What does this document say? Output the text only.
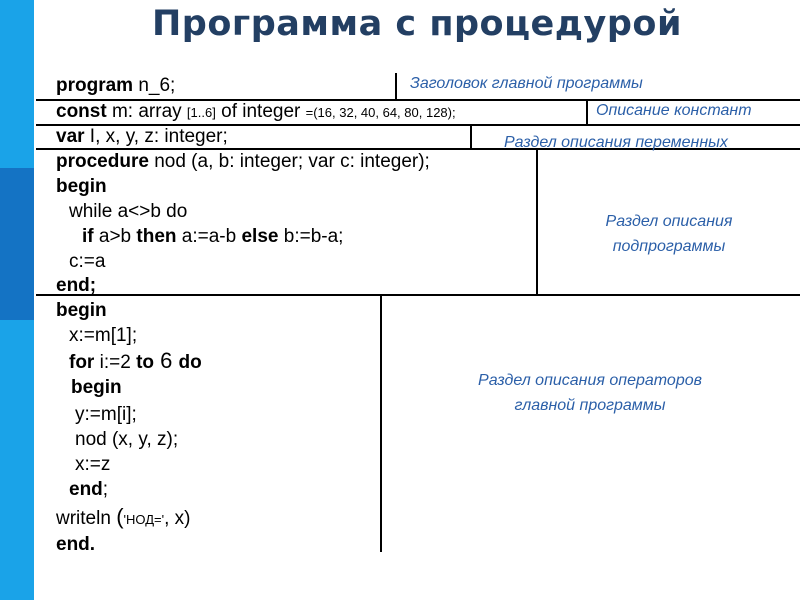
Программа с процедурой
program n_6;
const m: array [1..6] of integer =(16, 32, 40, 64, 80, 128);
var I, x, y, z: integer;
procedure nod (a, b: integer; var c: integer);
begin
while a<>b do
if a>b then a:=a-b else b:=b-a;
c:=a
end;
begin
x:=m[1];
for i:=2 to 6 do
begin
y:=m[i];
nod (x, y, z);
x:=z
end;
writeln ('НОД=', x)
end.
Заголовок главной программы
Описание констант
Раздел описания переменных
Раздел описания
подпрограммы
Раздел описания операторов
главной программы
